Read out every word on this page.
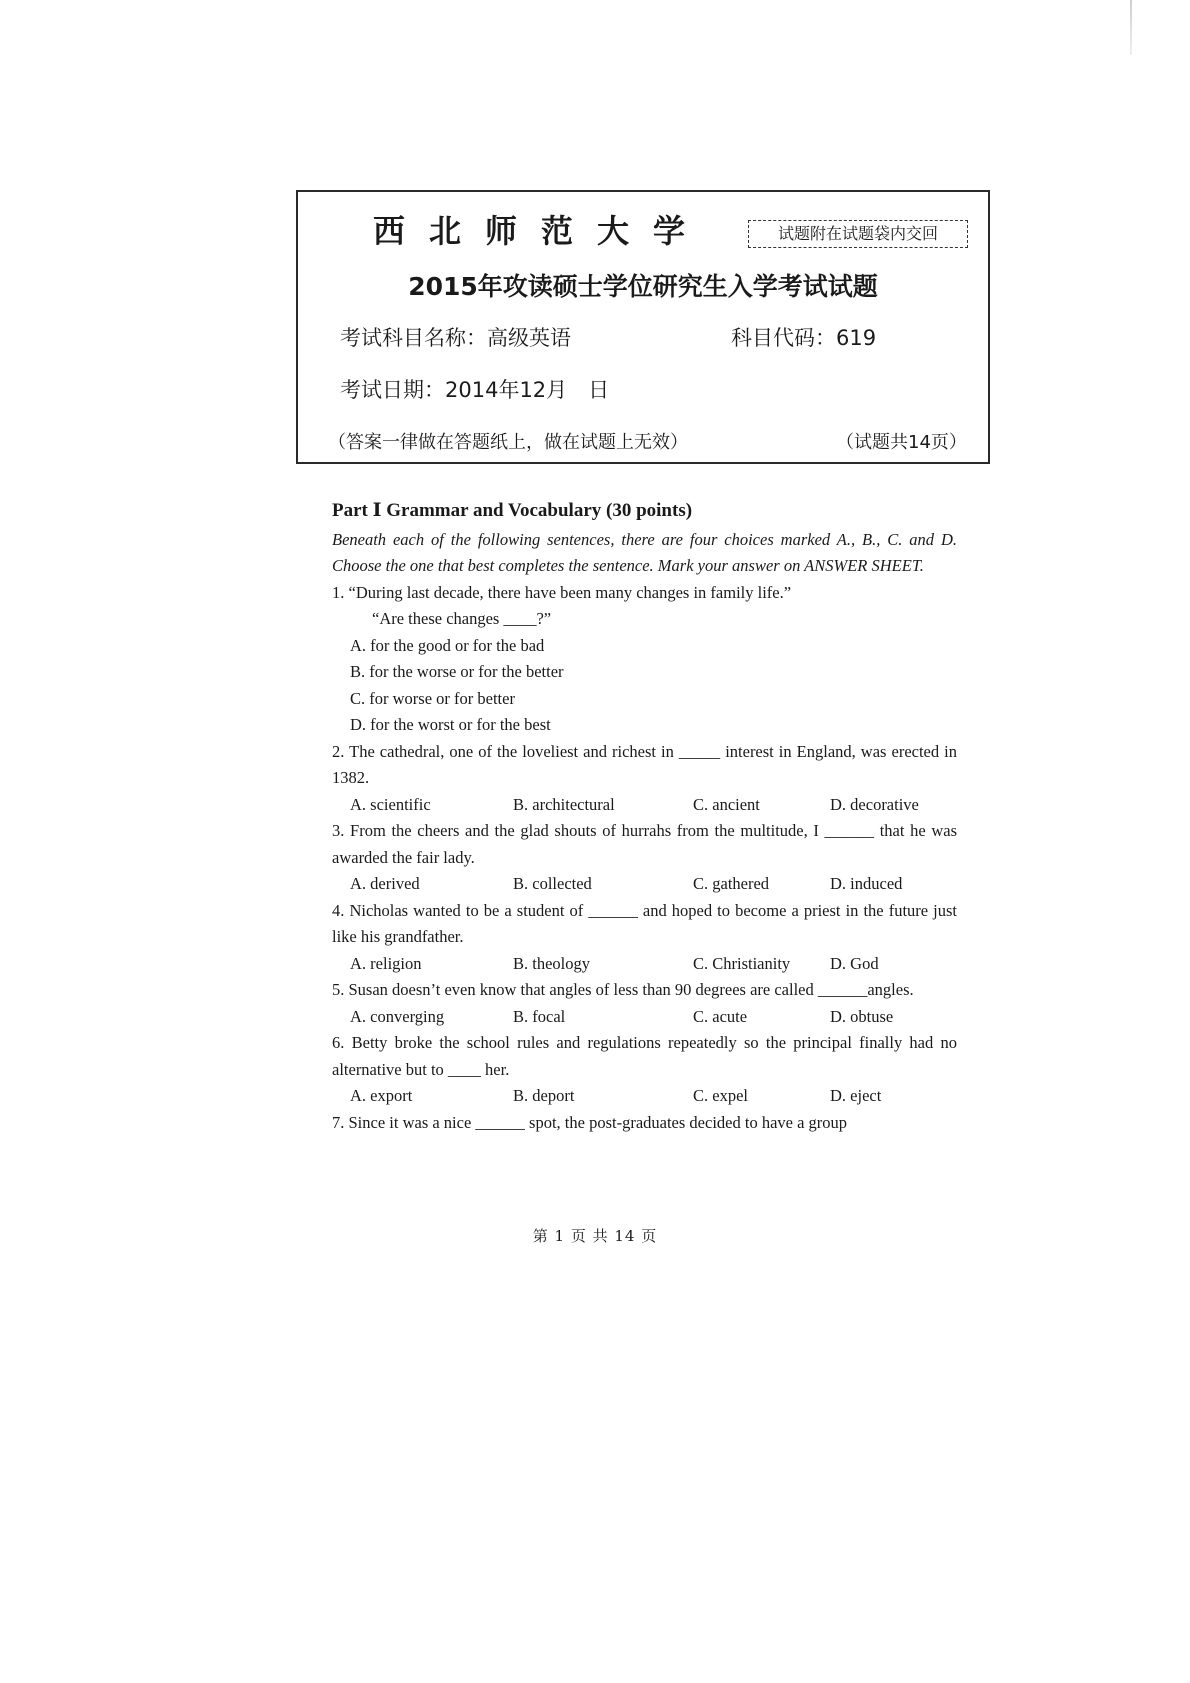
西北师范大学	试题附在试题袋内交回
2015年攻读硕士学位研究生入学考试试题
考试科目名称：高级英语	科目代码：619
考试日期：2014年12月　日
（答案一律做在答题纸上，做在试题上无效）	（试题共14页）
Part Ⅰ Grammar and Vocabulary (30 points)
Beneath each of the following sentences, there are four choices marked A., B., C. and D. Choose the one that best completes the sentence. Mark your answer on ANSWER SHEET.
1. “During last decade, there have been many changes in family life.”
“Are these changes ____?”
A. for the good or for the bad
B. for the worse or for the better
C. for worse or for better
D. for the worst or for the best
2. The cathedral, one of the loveliest and richest in _____ interest in England, was erected in 1382.
A. scientific	B. architectural	C. ancient	D. decorative
3. From the cheers and the glad shouts of hurrahs from the multitude, I ______ that he was awarded the fair lady.
A. derived	B. collected	C. gathered	D. induced
4. Nicholas wanted to be a student of ______ and hoped to become a priest in the future just like his grandfather.
A. religion	B. theology	C. Christianity	D. God
5. Susan doesn’t even know that angles of less than 90 degrees are called ______angles.
A. converging	B. focal	C. acute	D. obtuse
6. Betty broke the school rules and regulations repeatedly so the principal finally had no alternative but to ____ her.
A. export	B. deport	C. expel	D. eject
7. Since it was a nice ______ spot, the post-graduates decided to have a group
第 1 页 共 14 页
